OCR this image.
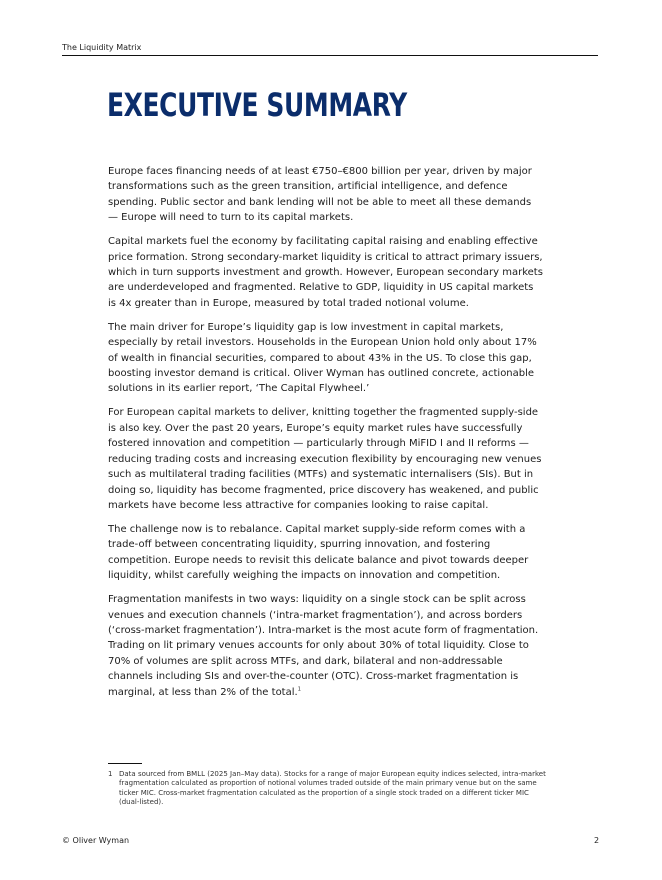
The Liquidity Matrix
EXECUTIVE SUMMARY

Europe faces financing needs of at least €750–€800 billion per year, driven by major transformations such as the green transition, artificial intelligence, and defence spending. Public sector and bank lending will not be able to meet all these demands — Europe will need to turn to its capital markets.

Capital markets fuel the economy by facilitating capital raising and enabling effective price formation. Strong secondary-market liquidity is critical to attract primary issuers, which in turn supports investment and growth. However, European secondary markets are underdeveloped and fragmented. Relative to GDP, liquidity in US capital markets is 4x greater than in Europe, measured by total traded notional volume.

The main driver for Europe’s liquidity gap is low investment in capital markets, especially by retail investors. Households in the European Union hold only about 17% of wealth in financial securities, compared to about 43% in the US. To close this gap, boosting investor demand is critical. Oliver Wyman has outlined concrete, actionable solutions in its earlier report, ‘The Capital Flywheel.’

For European capital markets to deliver, knitting together the fragmented supply-side is also key. Over the past 20 years, Europe’s equity market rules have successfully fostered innovation and competition — particularly through MiFID I and II reforms — reducing trading costs and increasing execution flexibility by encouraging new venues such as multilateral trading facilities (MTFs) and systematic internalisers (SIs). But in doing so, liquidity has become fragmented, price discovery has weakened, and public markets have become less attractive for companies looking to raise capital.

The challenge now is to rebalance. Capital market supply-side reform comes with a trade-off between concentrating liquidity, spurring innovation, and fostering competition. Europe needs to revisit this delicate balance and pivot towards deeper liquidity, whilst carefully weighing the impacts on innovation and competition.

Fragmentation manifests in two ways: liquidity on a single stock can be split across venues and execution channels (‘intra-market fragmentation’), and across borders (‘cross-market fragmentation’). Intra-market is the most acute form of fragmentation. Trading on lit primary venues accounts for only about 30% of total liquidity. Close to 70% of volumes are split across MTFs, and dark, bilateral and non-addressable channels including SIs and over-the-counter (OTC). Cross-market fragmentation is marginal, at less than 2% of the total.$^1$

1 Data sourced from BMLL (2025 Jan–May data). Stocks for a range of major European equity indices selected, intra-market fragmentation calculated as proportion of notional volumes traded outside of the main primary venue but on the same ticker MIC. Cross-market fragmentation calculated as the proportion of a single stock traded on a different ticker MIC (dual-listed).
© Oliver Wyman	2
